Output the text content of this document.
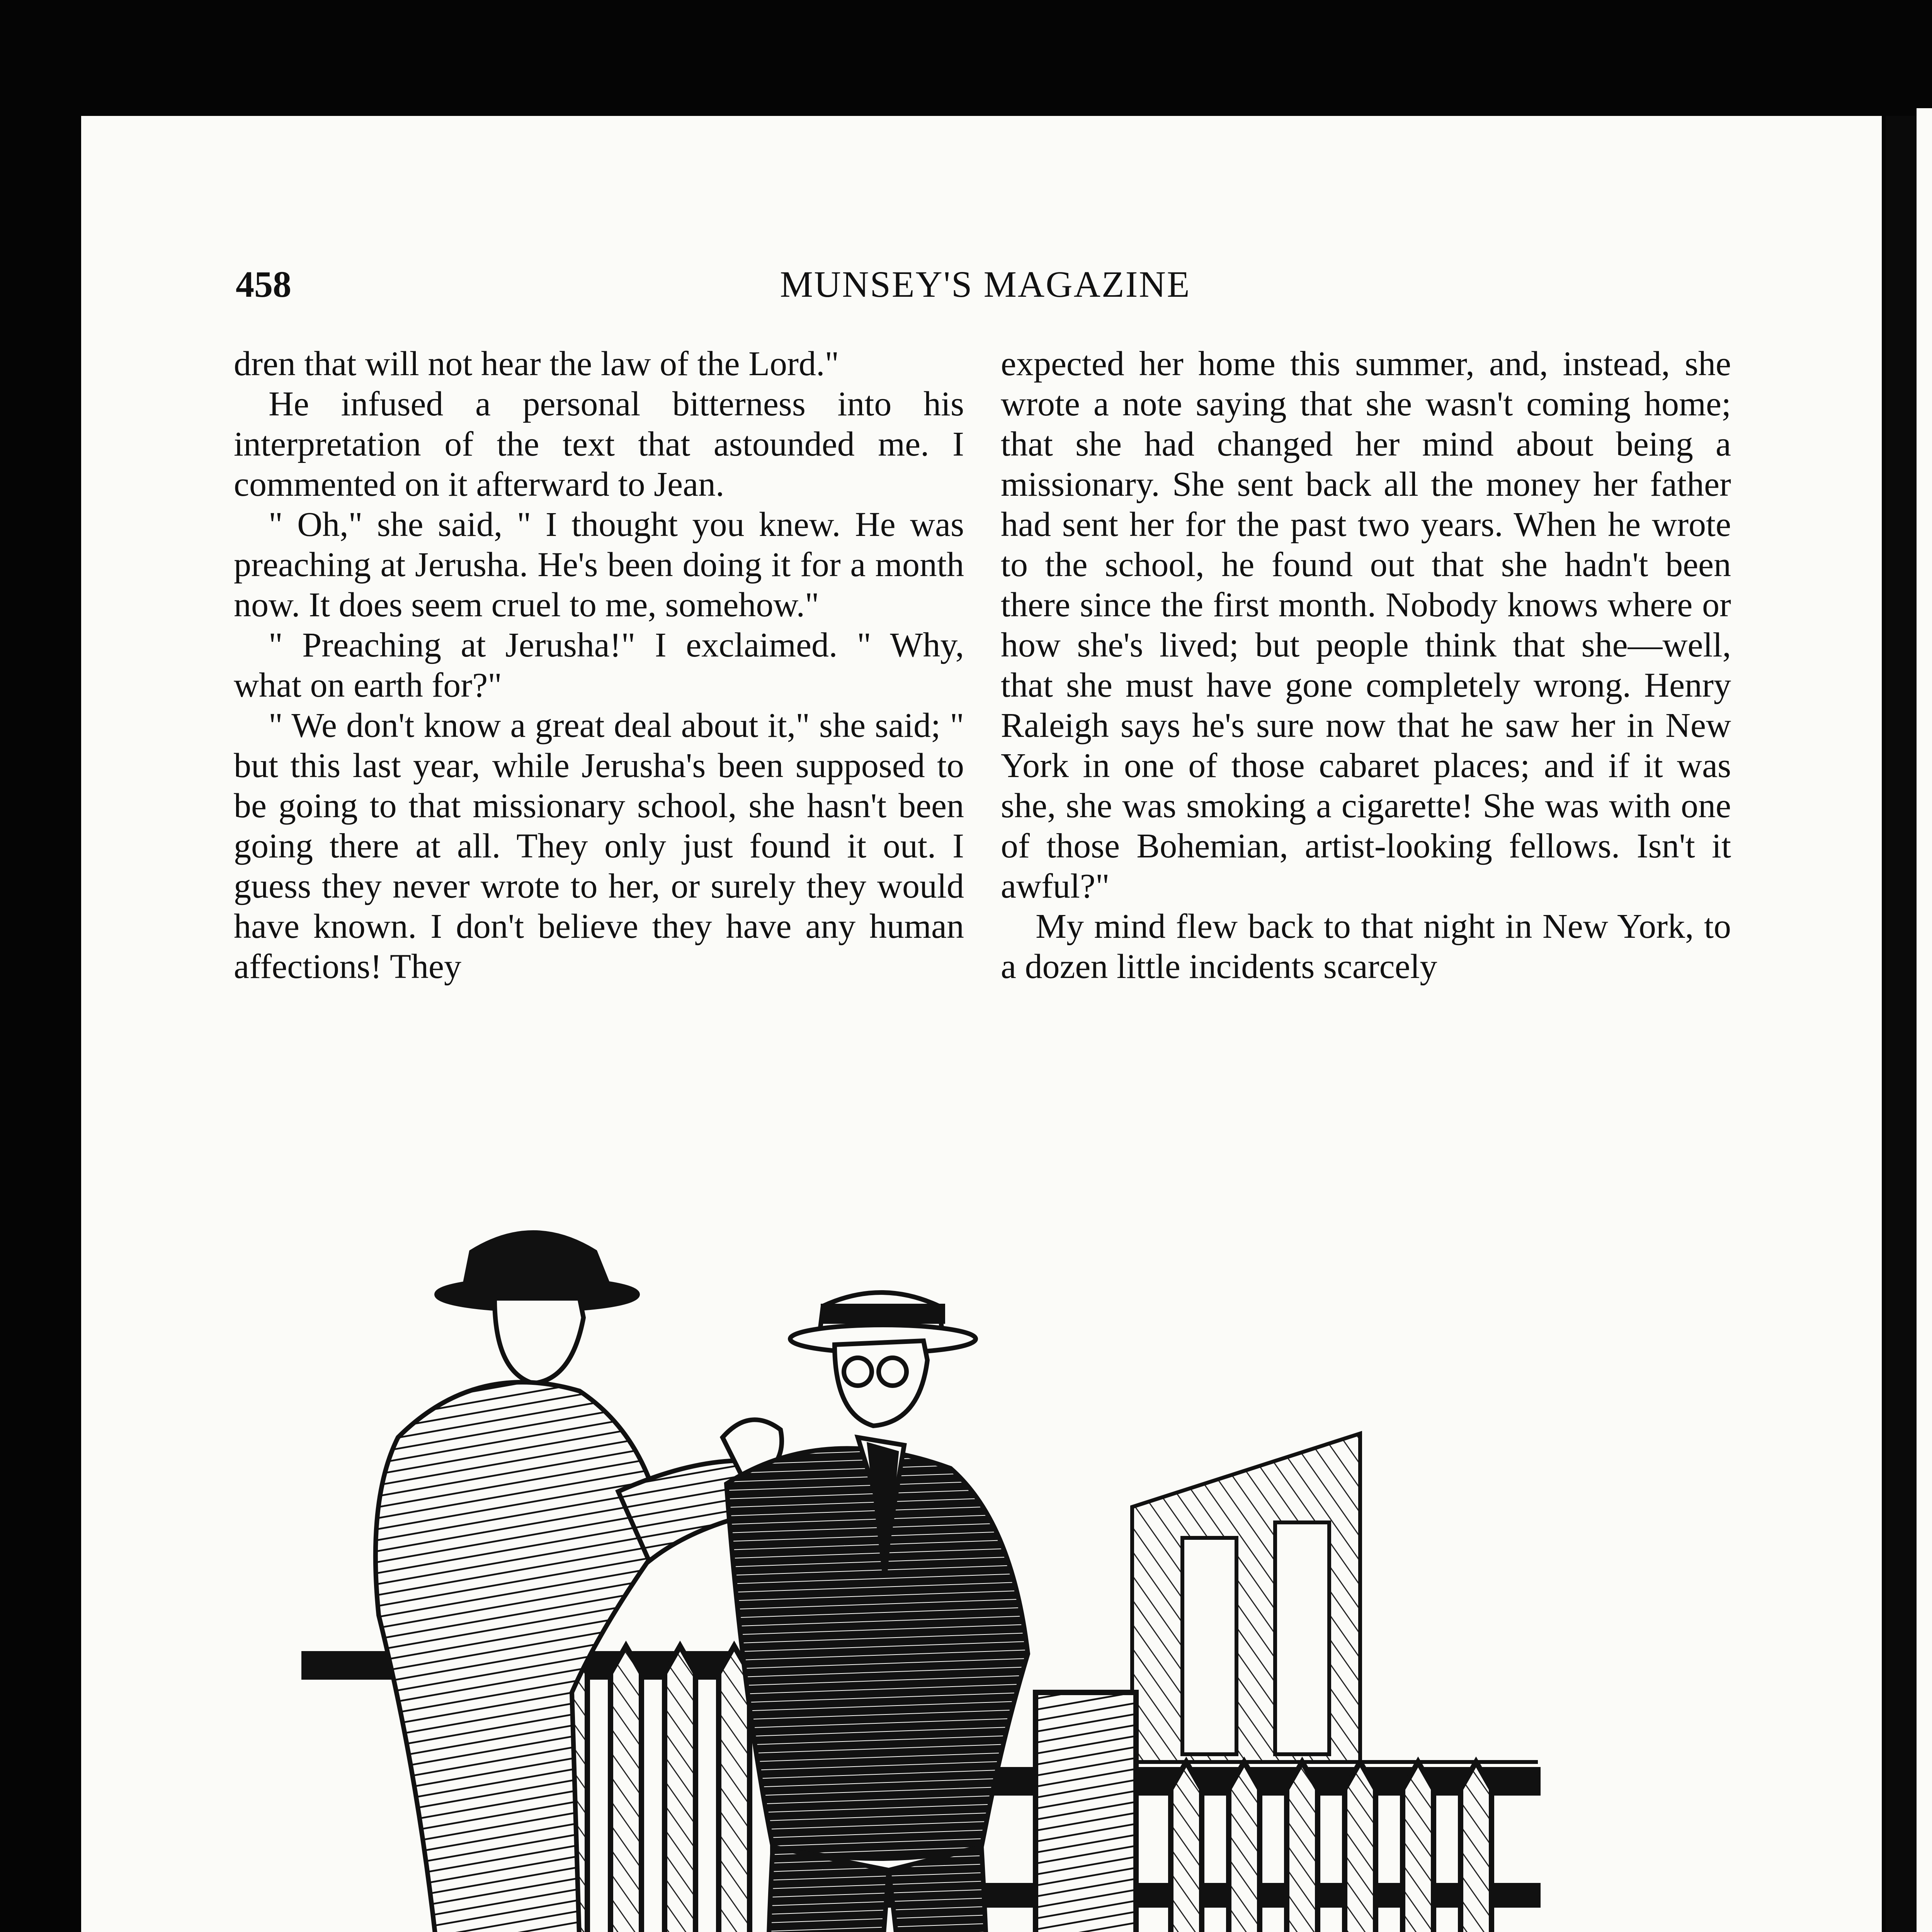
458	MUNSEY'S MAGAZINE

dren that will not hear the law of the Lord."

He infused a personal bitterness into his interpretation of the text that astounded me. I commented on it afterward to Jean.

" Oh," she said, " I thought you knew. He was preaching at Jerusha. He's been doing it for a month now. It does seem cruel to me, somehow."

" Preaching at Jerusha!" I exclaimed. " Why, what on earth for?"

" We don't know a great deal about it," she said; " but this last year, while Jerusha's been supposed to be going to that missionary school, she hasn't been going there at all. They only just found it out. I guess they never wrote to her, or surely they would have known. I don't believe they have any human affections! They

expected her home this summer, and, instead, she wrote a note saying that she wasn't coming home; that she had changed her mind about being a missionary. She sent back all the money her father had sent her for the past two years. When he wrote to the school, he found out that she hadn't been there since the first month. Nobody knows where or how she's lived; but people think that she—well, that she must have gone completely wrong. Henry Raleigh says he's sure now that he saw her in New York in one of those cabaret places; and if it was she, she was smoking a cigarette! She was with one of those Bohemian, artist-looking fellows. Isn't it awful?"

My mind flew back to that night in New York, to a dozen little incidents scarcely
